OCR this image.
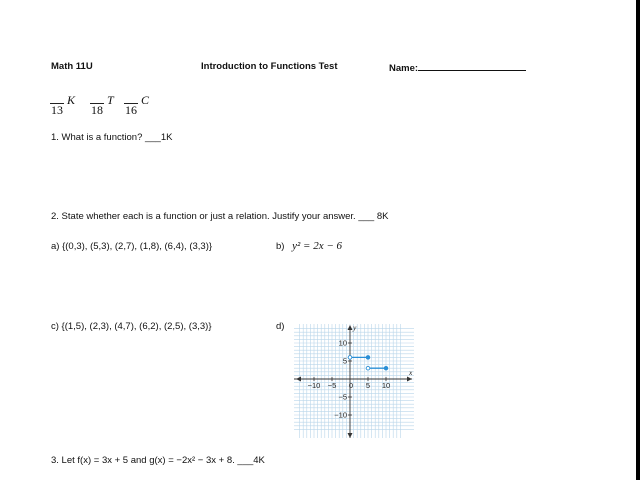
Math 11U	Introduction to Functions Test	Name:
K

13
T

18
C

16
1. What is a function? ___1K
2. State whether each is a function or just a relation. Justify your answer. ___ 8K
a) {(0,3), (5,3), (2,7), (1,8), (6,4), (3,3)}	b) y² = 2x − 6
c) {(1,5), (2,3), (4,7), (6,2), (2,5), (3,3)}	d)
−10 −5 0 5 10
10
5
−5
−10
x
y
3. Let f(x) = 3x + 5 and g(x) = −2x² − 3x + 8. ___4K
